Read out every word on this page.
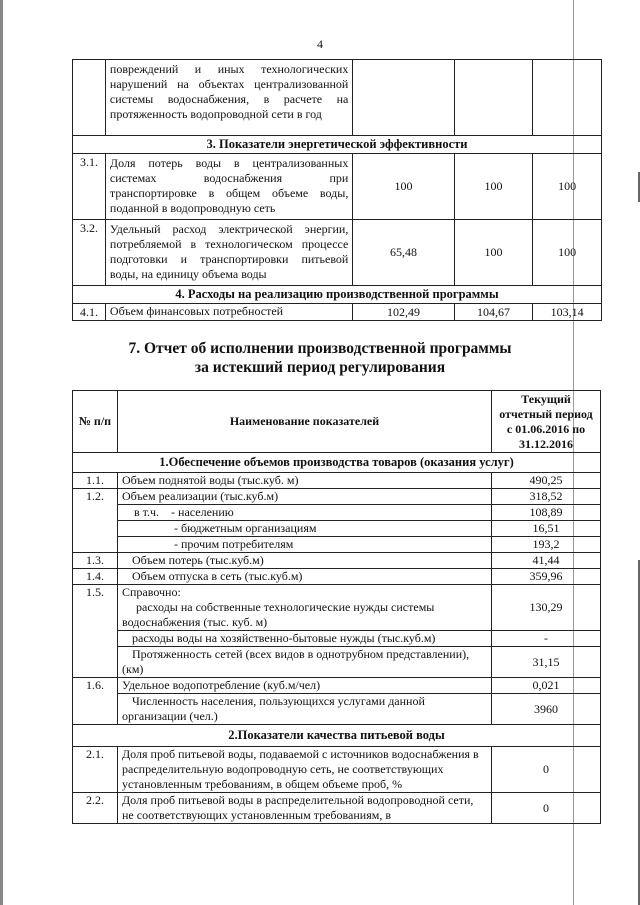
4
	повреждений и иных технологических нарушений на объектах централизованной системы водоснабжения, в расчете на протяженность водопроводной сети в год			
3. Показатели энергетической эффективности				
3.1.	Доля потерь воды в централизованных системах водоснабжения при транспортировке в общем объеме воды, поданной в водопроводную сеть	100	100	100
3.2.	Удельный расход электрической энергии, потребляемой в технологическом процессе подготовки и транспортировки питьевой воды, на единицу объема воды	65,48	100	100
4. Расходы на реализацию производственной программы				
4.1.	Объем финансовых потребностей	102,49	104,67	103,14
7. Отчет об исполнении производственной программы
за истекший период регулирования
№ п/п	Наименование показателей	Текущий отчетный период с 01.06.2016 по 31.12.2016
1.Обеспечение объемов производства товаров (оказания услуг)		
1.1.	Объем поднятой воды (тыс.куб. м)	490,25
1.2.	Объем реализации (тыс.куб.м)	318,52
	в т.ч.    - населению	108,89
	- бюджетным организациям	16,51
	- прочим потребителям	193,2
1.3.	Объем потерь (тыс.куб.м)	41,44
1.4.	Объем отпуска в сеть (тыс.куб.м)	359,96
1.5.	Справочно:
расходы на собственные технологические нужды системы водоснабжения (тыс. куб. м)	130,29
	расходы воды на хозяйственно-бытовые нужды (тыс.куб.м)	-
	Протяженность сетей (всех видов в однотрубном представлении), (км)	31,15
1.6.	Удельное водопотребление (куб.м/чел)	0,021
	Численность населения, пользующихся услугами данной организации (чел.)	3960
2.Показатели качества питьевой воды		
2.1.	Доля проб питьевой воды, подаваемой с источников водоснабжения в распределительную водопроводную сеть, не соответствующих установленным требованиям, в общем объеме проб, %	0
2.2.	Доля проб питьевой воды в распределительной водопроводной сети, не соответствующих установленным требованиям, в	0
